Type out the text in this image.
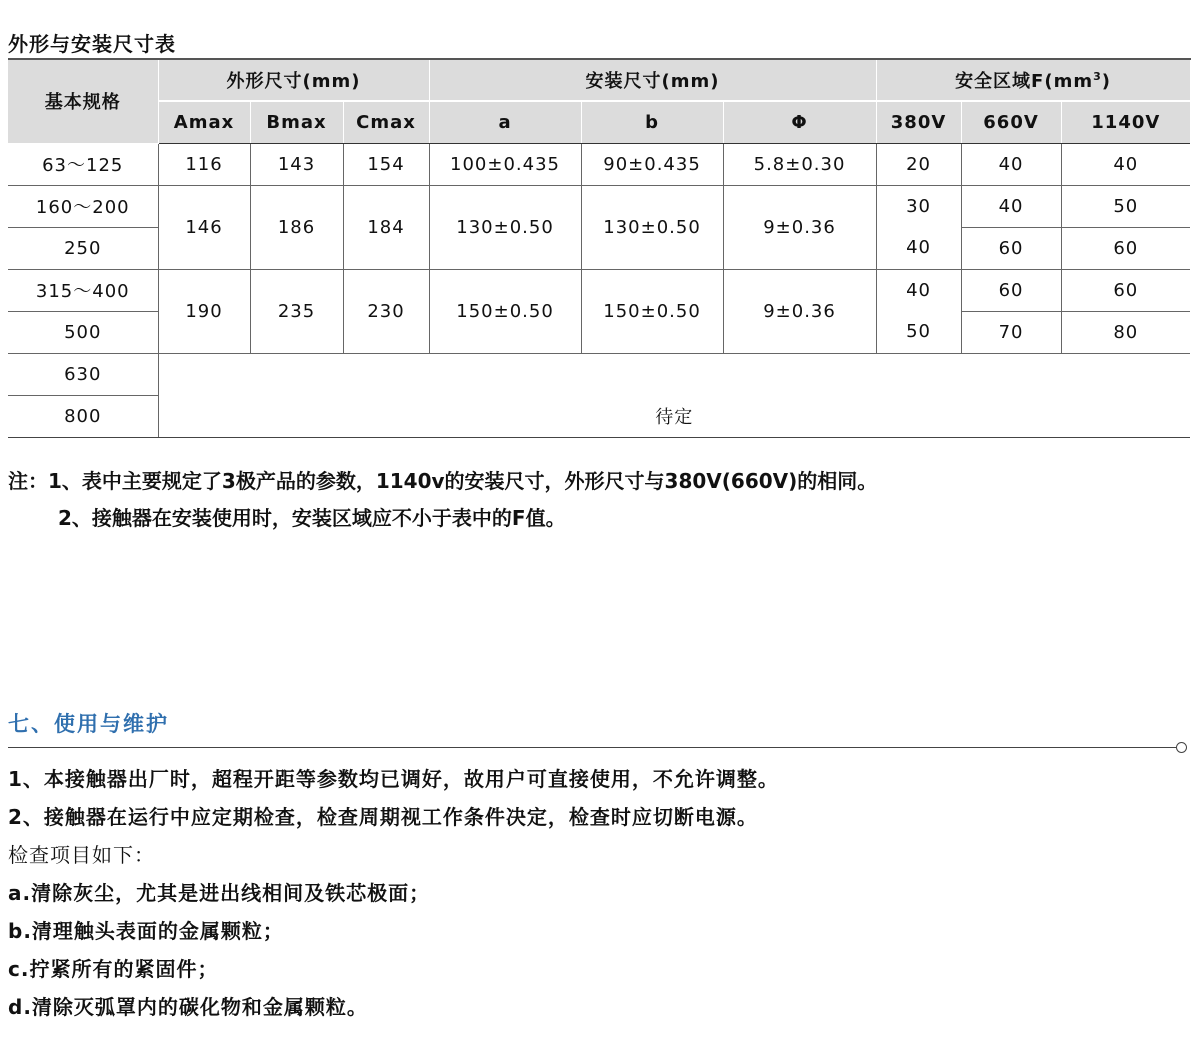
外形与安装尺寸表
基本规格	外形尺寸(mm)			安装尺寸(mm)			安全区域$F(mm^3)$		
	Amax	Bmax	Cmax	a	b	Φ	380V	660V	1140V
63～125	116	143	154	100±0.435	90±0.435	5.8±0.30	20	40	40
160～200	146	186	184	130±0.50	130±0.50	9±0.36	30	40	50
250							40	60	60
315～400	190	235	230	150±0.50	150±0.50	9±0.36	40	60	60
500							50	70	80
630									
800	待定								
注：1、表中主要规定了3极产品的参数，1140v的安装尺寸，外形尺寸与380V(660V)的相同。
2、接触器在安装使用时，安装区域应不小于表中的F值。
七、使用与维护
1、本接触器出厂时，超程开距等参数均已调好，故用户可直接使用，不允许调整。
2、接触器在运行中应定期检查，检查周期视工作条件决定，检查时应切断电源。
检查项目如下：
a.清除灰尘，尤其是进出线相间及铁芯极面；
b.清理触头表面的金属颗粒；
c.拧紧所有的紧固件；
d.清除灭弧罩内的碳化物和金属颗粒。
